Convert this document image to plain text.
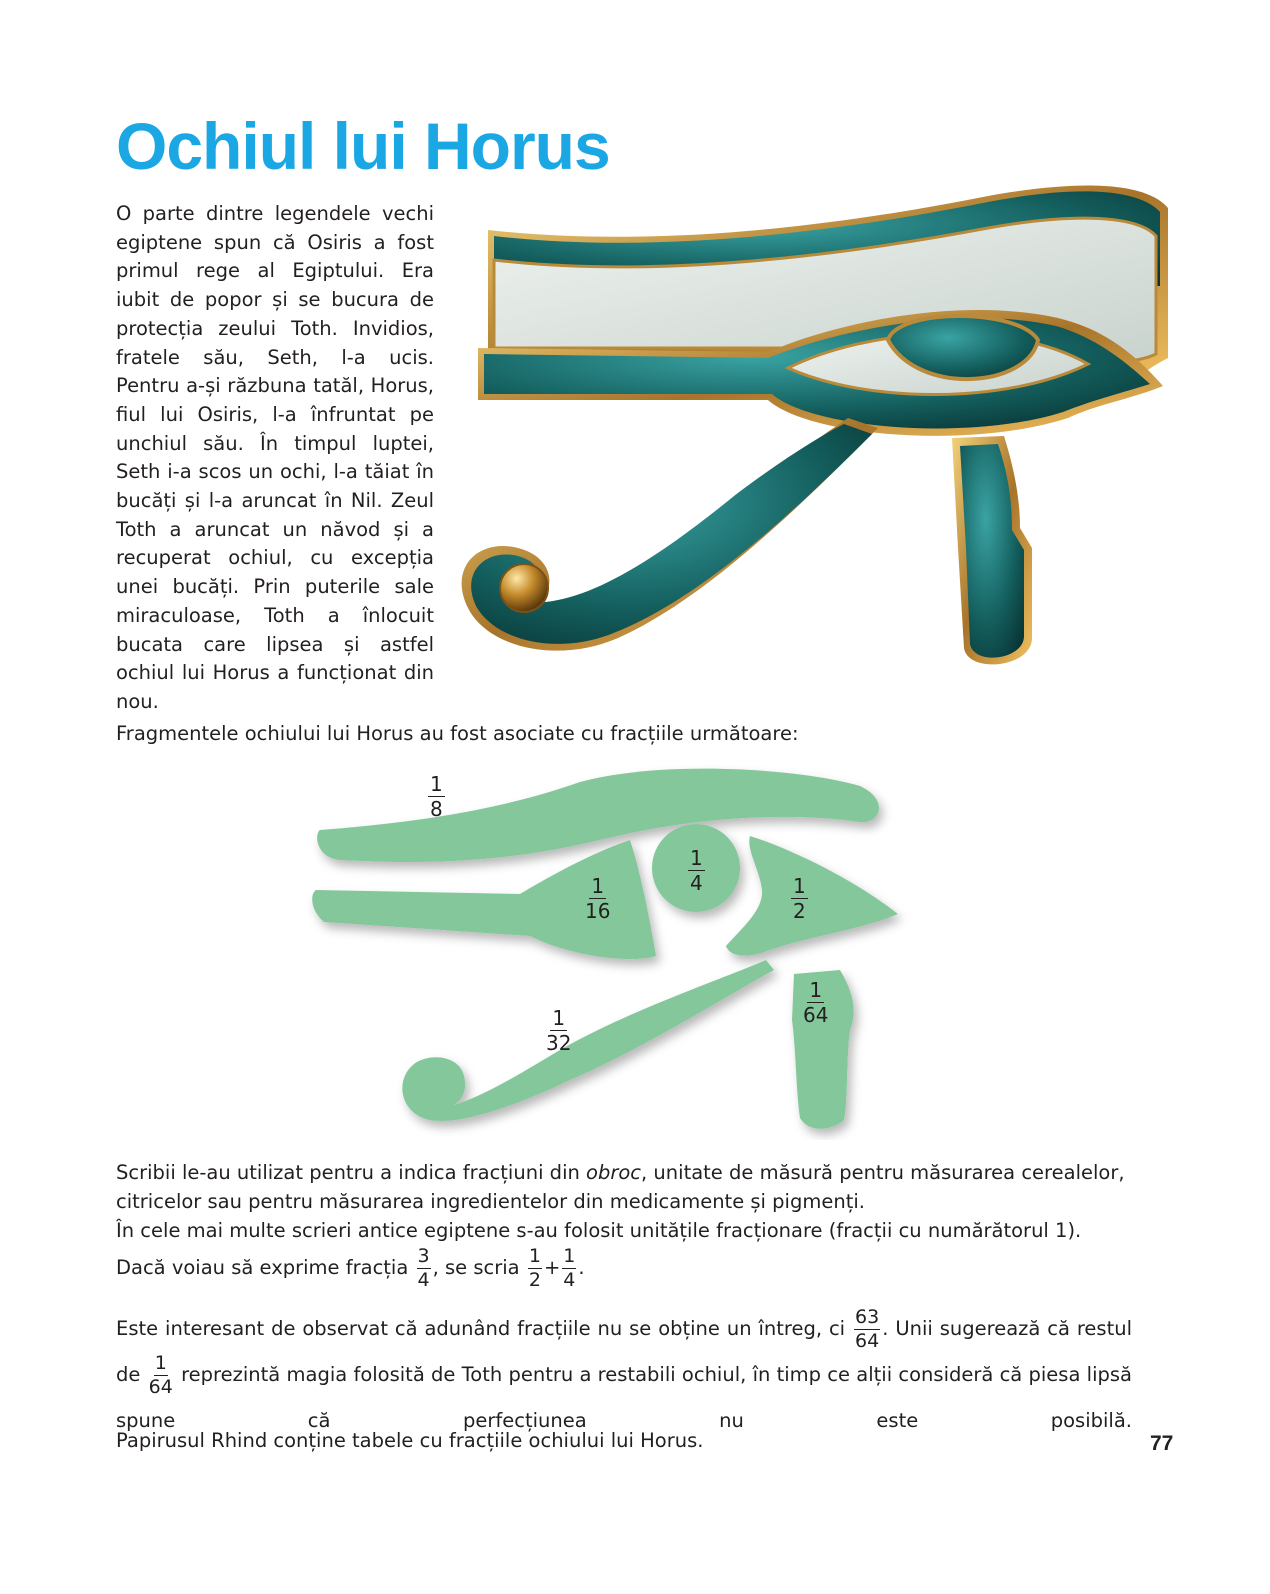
Ochiul lui Horus

O parte dintre legendele vechi egiptene spun că Osiris a fost primul rege al Egiptului. Era iubit de popor și se bucura de protecția zeului Toth. Invidios, fratele său, Seth, l-a ucis. Pentru a-și răzbuna tatăl, Horus, fiul lui Osiris, l-a înfruntat pe unchiul său. În timpul luptei, Seth i-a scos un ochi, l-a tăiat în bucăți și l-a aruncat în Nil. Zeul Toth a aruncat un năvod și a recuperat ochiul, cu excepția unei bucăți. Prin puterile sale miraculoase, Toth a înlocuit bucata care lipsea și astfel ochiul lui Horus a funcționat din nou.

Fragmentele ochiului lui Horus au fost asociate cu fracțiile următoare:

$\frac{1}{8}$
$\frac{1}{4}$
$\frac{1}{16}$	$\frac{1}{2}$
$\frac{1}{64}$
$\frac{1}{32}$

Scribii le-au utilizat pentru a indica fracțiuni din obroc, unitate de măsură pentru măsurarea cerealelor, citricelor sau pentru măsurarea ingredientelor din medicamente și pigmenți.

În cele mai multe scrieri antice egiptene s-au folosit unitățile fracționare (fracții cu numărătorul 1).

Dacă voiau să exprime fracția $\frac{3}{4}$ , se scria $\frac{1}{2} + \frac{1}{4}$ .

Este interesant de observat că adunând fracțiile nu se obține un întreg, ci $\frac{63}{64}$ . Unii sugerează că restul de $\frac{1}{64}$ reprezintă magia folosită de Toth pentru a restabili ochiul, în timp ce alții consideră că piesa lipsă spune că perfecțiunea nu este posibilă.

Papirusul Rhind conține tabele cu fracțiile ochiului lui Horus.	77
